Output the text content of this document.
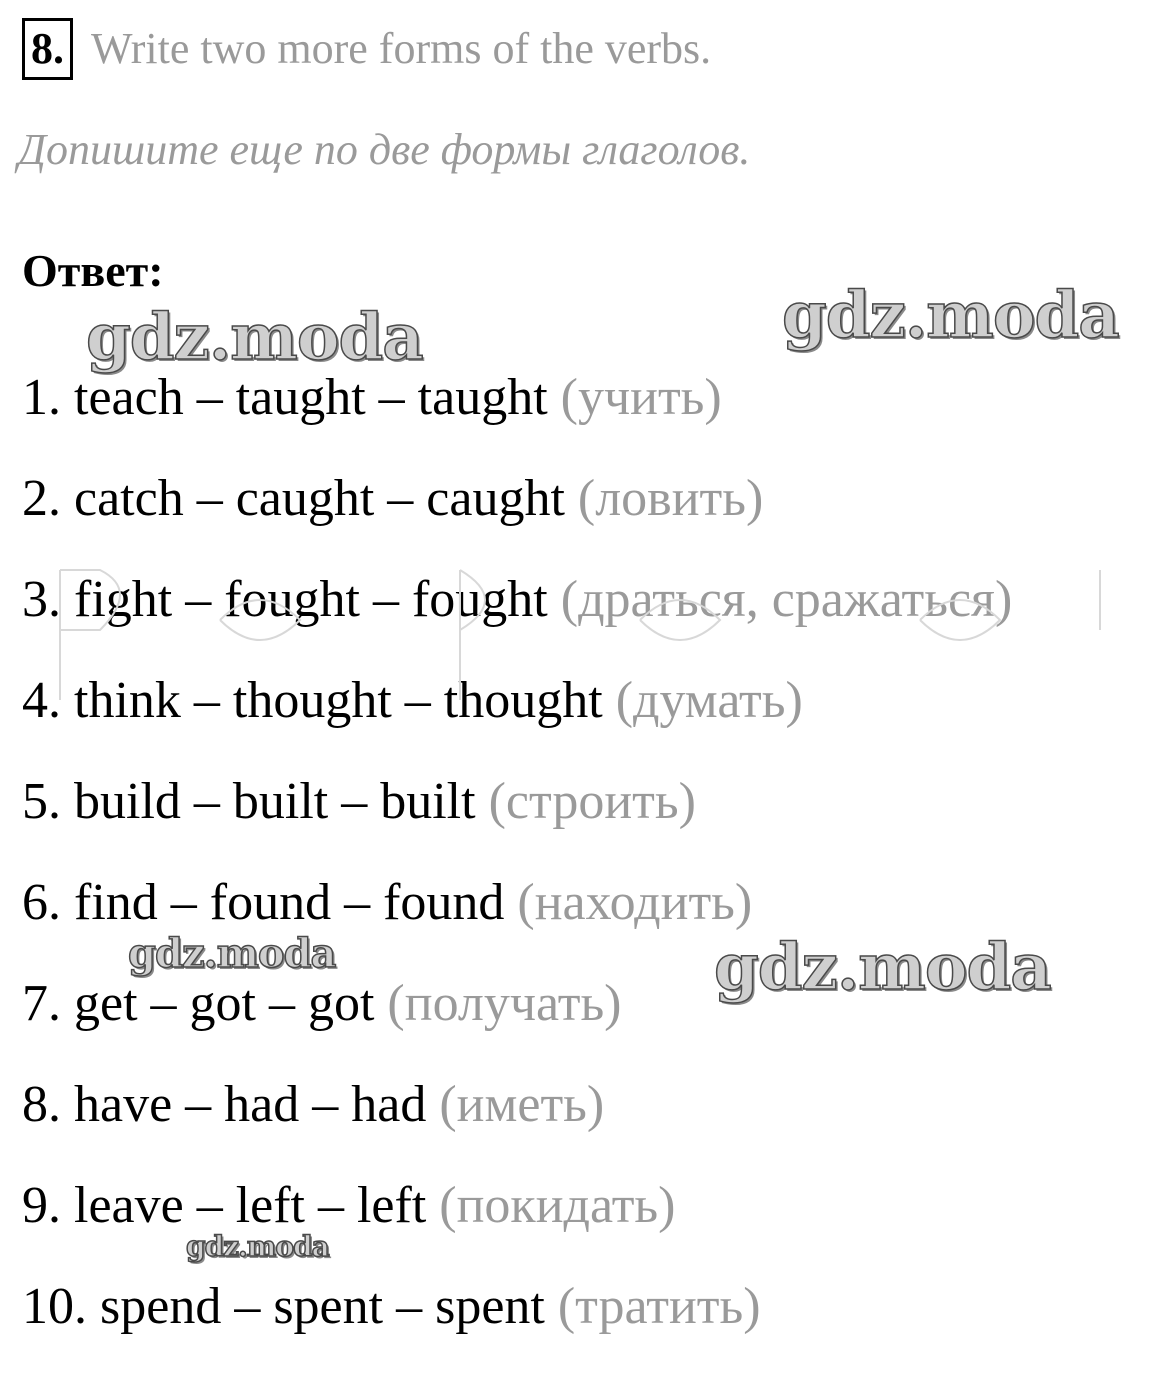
8. Write two more forms of the verbs.
Допишите еще по две формы глаголов.
Ответ:
1. teach – taught – taught (учить)
2. catch – caught – caught (ловить)
3. fight – fought – fought (драться, сражаться)
4. think – thought – thought (думать)
5. build – built – built (строить)
6. find – found – found (находить)
7. get – got – got (получать)
8. have – had – had (иметь)
9. leave – left – left (покидать)
10. spend – spent – spent (тратить)
gdz.moda	gdz.moda
gdz.moda	gdz.moda
gdz.moda
